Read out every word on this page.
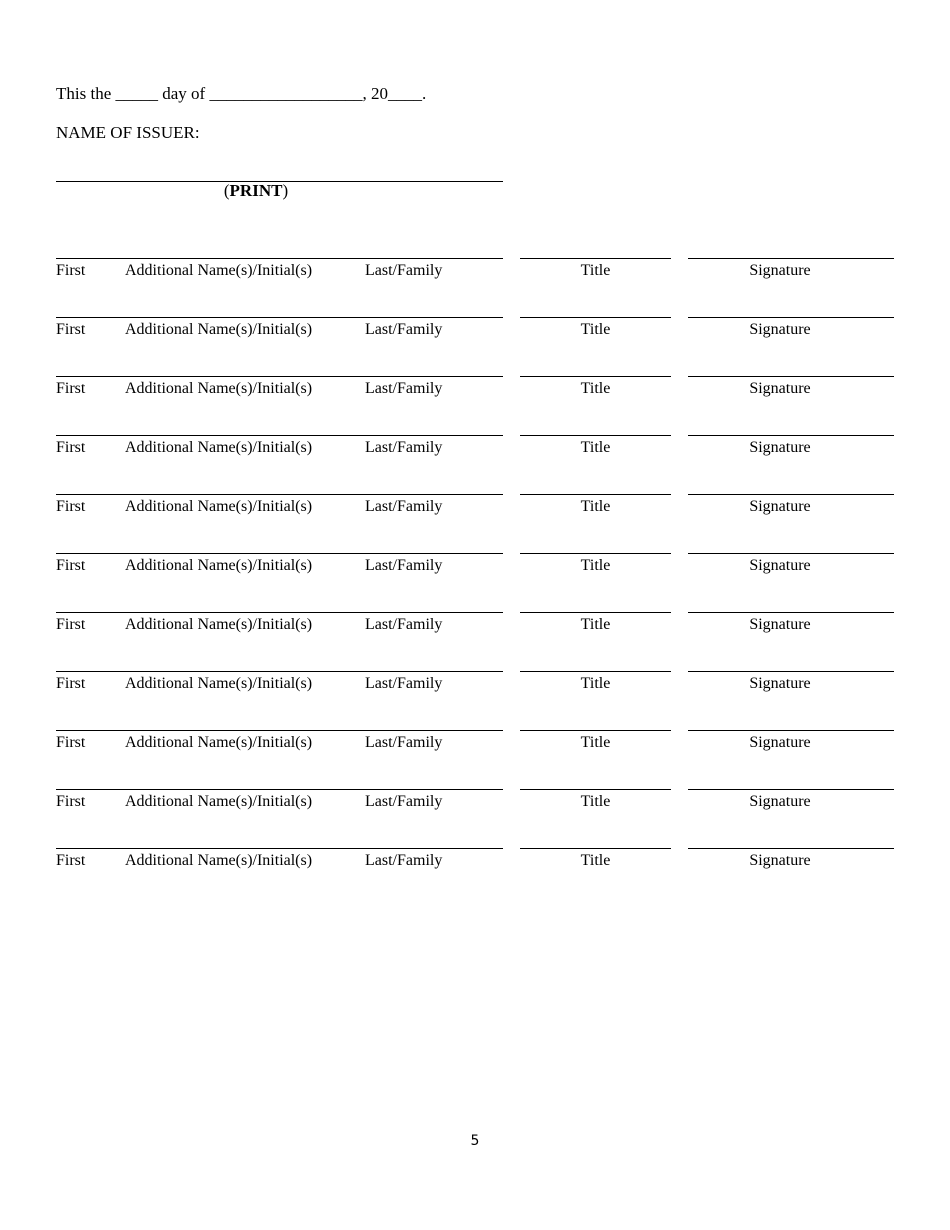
This the _____ day of __________________, 20____.
NAME OF ISSUER:
(PRINT)
First Additional Name(s)/Initial(s)	Last/Family	Title	Signature
First Additional Name(s)/Initial(s)	Last/Family	Title	Signature
First Additional Name(s)/Initial(s)	Last/Family	Title	Signature
First Additional Name(s)/Initial(s)	Last/Family	Title	Signature
First Additional Name(s)/Initial(s)	Last/Family	Title	Signature
First Additional Name(s)/Initial(s)	Last/Family	Title	Signature
First Additional Name(s)/Initial(s)	Last/Family	Title	Signature
First Additional Name(s)/Initial(s)	Last/Family	Title	Signature
First Additional Name(s)/Initial(s)	Last/Family	Title	Signature
First Additional Name(s)/Initial(s)	Last/Family	Title	Signature
First Additional Name(s)/Initial(s)	Last/Family	Title	Signature
5
